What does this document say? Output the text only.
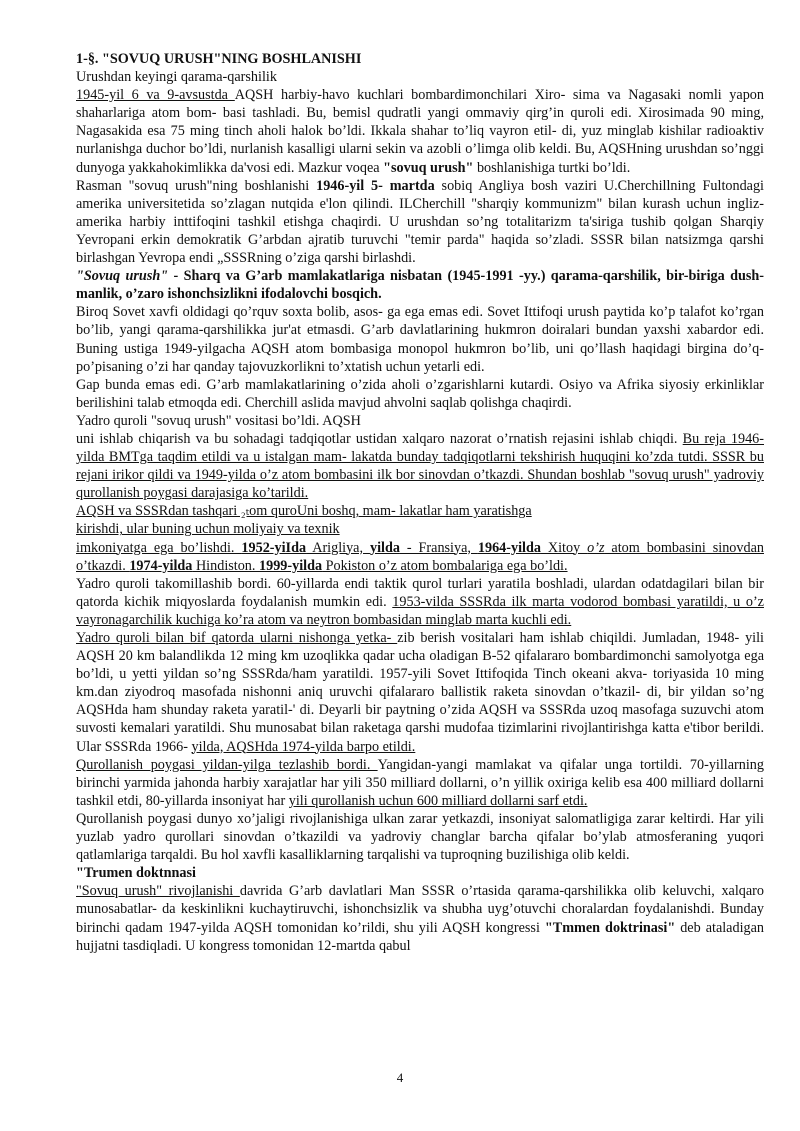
1-§. "SOVUQ URUSH"NING BOSHLANISHI

Urushdan keyingi qarama-qarshilik

1945-yil 6 va 9-avsustda AQSH harbiy-havo kuchlari bombardimonchilari Xiro- sima va Nagasaki nomli yapon shaharlariga atom bom- basi tashladi. Bu, bemisl qudratli yangi ommaviy qirg’in quroli edi. Xirosimada 90 ming, Nagasakida esa 75 ming tinch aholi halok bo’ldi. Ikkala shahar to’liq vayron etil- di, yuz minglab kishilar radioaktiv nurlanishga duchor bo’ldi, nurlanish kasalligi ularni sekin va azobli o’limga olib keldi. Bu, AQSHning urushdan so’nggi dunyoga yakkahokimlikka da'vosi edi. Mazkur voqea "sovuq urush" boshlanishiga turtki bo’ldi.

Rasman "sovuq urush"ning boshlanishi 1946-yil 5- martda sobiq Angliya bosh vaziri U.Cherchillning Fultondagi amerika universitetida so’zlagan nutqida e'lon qilindi. ILCherchill "sharqiy kommunizm" bilan kurash uchun ingliz-amerika harbiy inttifoqini tashkil etishga chaqirdi. U urushdan so’ng totalitarizm ta'siriga tushib qolgan Sharqiy Yevropani erkin demokratik G’arbdan ajratib turuvchi "temir parda" haqida so’zladi. SSSR bilan natsizmga qarshi birlashgan Yevropa endi „SSSRning o’ziga qarshi birlashdi.

"Sovuq urush" - Sharq va G’arb mamlakatlariga nisbatan (1945-1991 -yy.) qarama-qarshilik, bir-biriga dush- manlik, o’zaro ishonchsizlikni ifodalovchi bosqich.

Biroq Sovet xavfi oldidagi qo’rquv soxta bolib, asos- ga ega emas edi. Sovet Ittifoqi urush paytida ko’p talafot ko’rgan bo’lib, yangi qarama-qarshilikka jur'at etmasdi. G’arb davlatlarining hukmron doiralari bundan yaxshi xabardor edi. Buning ustiga 1949-yilgacha AQSH atom bombasiga monopol hukmron bo’lib, uni qo’llash haqidagi birgina do’q-po’pisaning o’zi har qanday tajovuzkorlikni to’xtatish uchun yetarli edi.

Gap bunda emas edi. G’arb mamlakatlarining o’zida aholi o’zgarishlarni kutardi. Osiyo va Afrika siyosiy erkinliklar berilishini talab etmoqda edi. Cherchill aslida mavjud ahvolni saqlab qolishga chaqirdi.

Yadro quroli "sovuq urush" vositasi bo’ldi. AQSH

uni ishlab chiqarish va bu sohadagi tadqiqotlar ustidan xalqaro nazorat o’rnatish rejasini ishlab chiqdi. Bu reja 1946-yilda BMTga taqdim etildi va u istalgan mam- lakatda bunday tadqiqotlarni tekshirish huquqini ko’zda tutdi. SSSR bu rejani irikor qildi va 1949-yilda o’z atom bombasini ilk bor sinovdan o’tkazdi. Shundan boshlab "sovuq urush" yadroviy qurollanish poygasi darajasiga ko’tarildi.

AQSH va SSSRdan tashqari ₂ₜom quroUni boshq, mam- lakatlar ham yaratishga

kirishdi, ular buning uchun moliyaiy va texnik

imkoniyatga ega bo’lishdi. 1952-yiIda Arigliya, yilda - Fransiya, 1964-yilda Xitoy o’z atom bombasini sinovdan o’tkazdi. 1974-yilda Hindiston. 1999-yilda Pokiston o’z atom bombalariga ega bo’ldi.

Yadro quroli takomillashib bordi. 60-yillarda endi taktik qurol turlari yaratila boshladi, ulardan odatdagilari bilan bir qatorda kichik miqyoslarda foydalanish mumkin edi. 1953-vilda SSSRda ilk marta vodorod bombasi yaratildi, u o’z vayronagarchilik kuchiga ko’ra atom va neytron bombasidan minglab marta kuchli edi.

Yadro quroli bilan bif qatorda ularni nishonga yetka- zib berish vositalari ham ishlab chiqildi. Jumladan, 1948- yili AQSH 20 km balandlikda 12 ming km uzoqlikka qadar ucha oladigan B-52 qifalararo bombardimonchi samolyotga ega bo’ldi, u yetti yildan so’ng SSSRda/ham yaratildi. 1957-yili Sovet Ittifoqida Tinch okeani akva- toriyasida 10 ming km.dan ziyodroq masofada nishonni aniq uruvchi qifalararo ballistik raketa sinovdan o’tkazil- di, bir yildan so’ng AQSHda ham shunday raketa yaratil-' di. Deyarli bir paytning o’zida AQSH va SSSRda uzoq masofaga suzuvchi atom suvosti kemalari yaratildi. Shu munosabat bilan raketaga qarshi mudofaa tizimlarini rivojlantirishga katta e'tibor berildi. Ular SSSRda 1966- yilda, AQSHda 1974-yilda barpo etildi.

Qurollanish poygasi yildan-yilga tezlashib bordi. Yangidan-yangi mamlakat va qifalar unga tortildi. 70-yillarning birinchi yarmida jahonda harbiy xarajatlar har yili 350 milliard dollarni, o’n yillik oxiriga kelib esa 400 milliard dollarni tashkil etdi, 80-yillarda insoniyat har yili qurollanish uchun 600 milliard dollarni sarf etdi.

Qurollanish poygasi dunyo xo’jaligi rivojlanishiga ulkan zarar yetkazdi, insoniyat salomatligiga zarar keltirdi. Har yili yuzlab yadro qurollari sinovdan o’tkazildi va yadroviy changlar barcha qifalar bo’ylab atmosferaning yuqori qatlamlariga tarqaldi. Bu hol xavfli kasalliklarning tarqalishi va tuproqning buzilishiga olib keldi.

"Trumen doktnnasi

"Sovuq urush" rivojlanishi davrida G’arb davlatlari Man SSSR o’rtasida qarama-qarshilikka olib keluvchi, xalqaro munosabatlar- da keskinlikni kuchaytiruvchi, ishonchsizlik va shubha uyg’otuvchi choralardan foydalanishdi. Bunday birinchi qadam 1947-yilda AQSH tomonidan ko’rildi, shu yili AQSH kongressi "Tmmen doktrinasi" deb ataladigan hujjatni tasdiqladi. U kongress tomonidan 12-martda qabul

4
